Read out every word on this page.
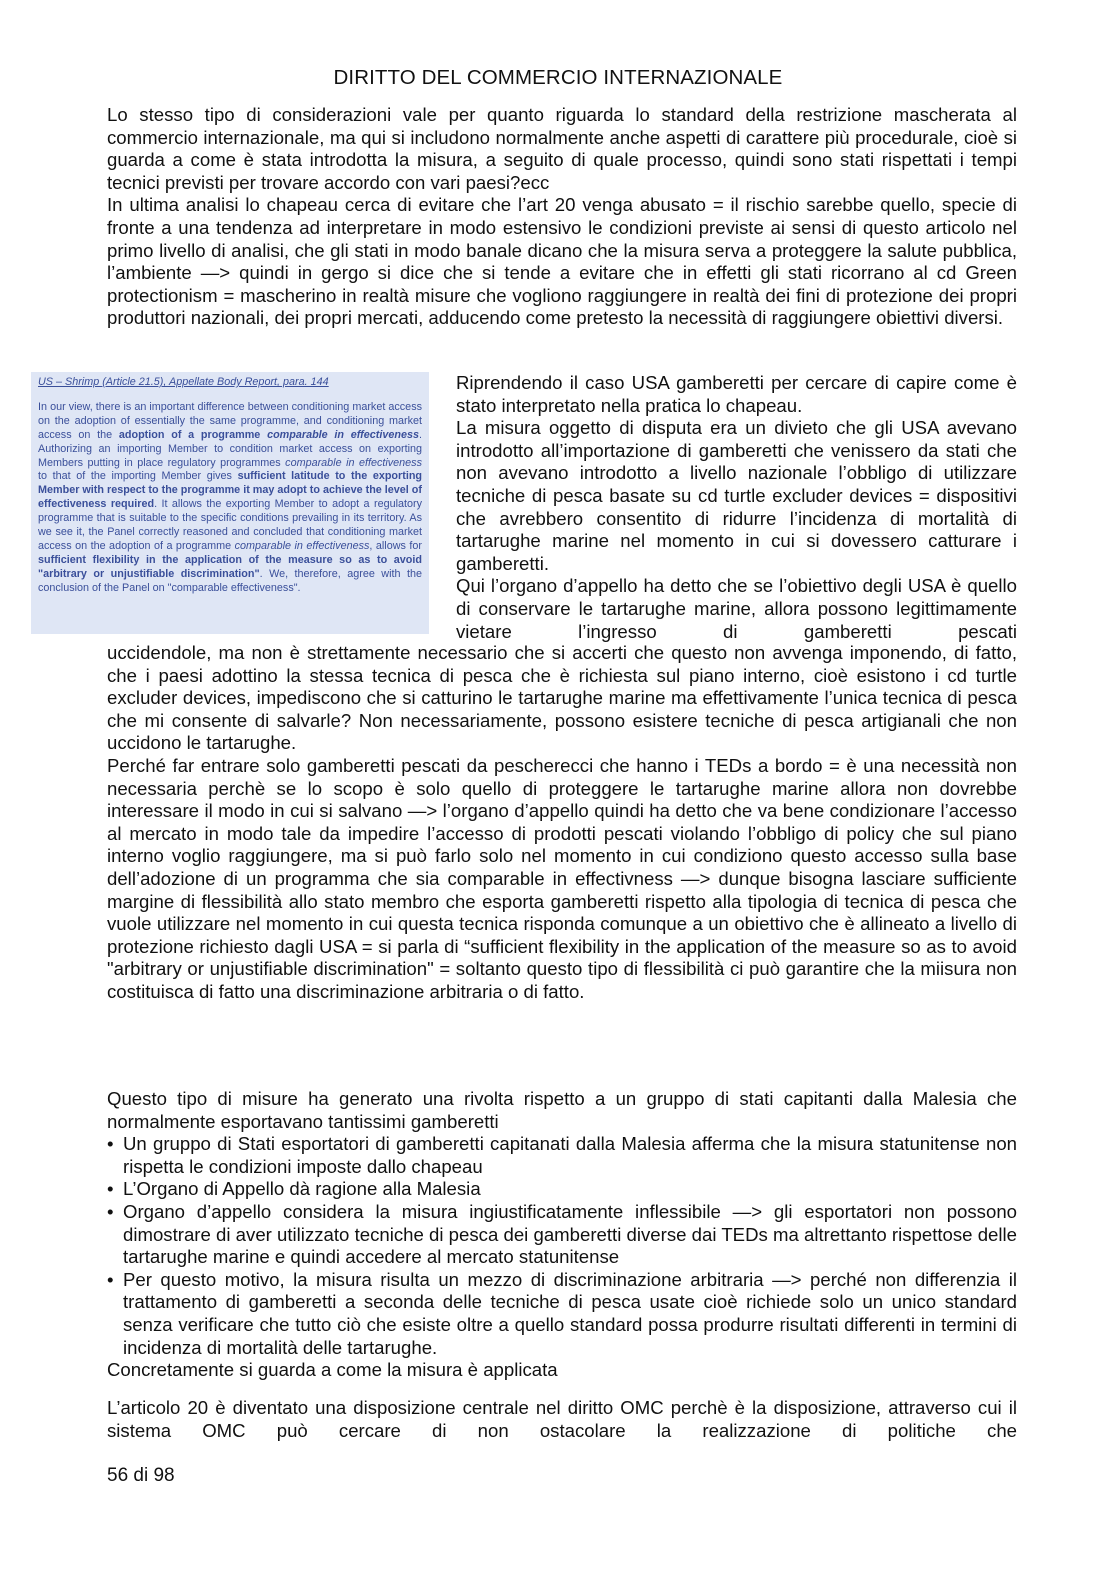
DIRITTO DEL COMMERCIO INTERNAZIONALE

Lo stesso tipo di considerazioni vale per quanto riguarda lo standard della restrizione mascherata al commercio internazionale, ma qui si includono normalmente anche aspetti di carattere più procedurale, cioè si guarda a come è stata introdotta la misura, a seguito di quale processo, quindi sono stati rispettati i tempi tecnici previsti per trovare accordo con vari paesi?ecc

In ultima analisi lo chapeau cerca di evitare che l’art 20 venga abusato = il rischio sarebbe quello, specie di fronte a una tendenza ad interpretare in modo estensivo le condizioni previste ai sensi di questo articolo nel primo livello di analisi, che gli stati in modo banale dicano che la misura serva a proteggere la salute pubblica, l’ambiente —> quindi in gergo si dice che si tende a evitare che in effetti gli stati ricorrano al cd Green protectionism = mascherino in realtà misure che vogliono raggiungere in realtà dei fini di protezione dei propri produttori nazionali, dei propri mercati, adducendo come pretesto la necessità di raggiungere obiettivi diversi.

US – Shrimp (Article 21.5), Appellate Body Report, para. 144
In our view, there is an important difference between conditioning market access on the adoption of essentially the same programme, and conditioning market access on the adoption of a programme comparable in effectiveness. Authorizing an importing Member to condition market access on exporting Members putting in place regulatory programmes comparable in effectiveness to that of the importing Member gives sufficient latitude to the exporting Member with respect to the programme it may adopt to achieve the level of effectiveness required. It allows the exporting Member to adopt a regulatory programme that is suitable to the specific conditions prevailing in its territory. As we see it, the Panel correctly reasoned and concluded that conditioning market access on the adoption of a programme comparable in effectiveness, allows for sufficient flexibility in the application of the measure so as to avoid "arbitrary or unjustifiable discrimination". We, therefore, agree with the conclusion of the Panel on "comparable effectiveness".

Riprendendo il caso USA gamberetti per cercare di capire come è stato interpretato nella pratica lo chapeau.

La misura oggetto di disputa era un divieto che gli USA avevano introdotto all’importazione di gamberetti che venissero da stati che non avevano introdotto a livello nazionale l’obbligo di utilizzare tecniche di pesca basate su cd turtle excluder devices = dispositivi che avrebbero consentito di ridurre l’incidenza di mortalità di tartarughe marine nel momento in cui si dovessero catturare i gamberetti.

Qui l’organo d’appello ha detto che se l’obiettivo degli USA è quello di conservare le tartarughe marine, allora possono legittimamente vietare l’ingresso di gamberetti pescati

uccidendole, ma non è strettamente necessario che si accerti che questo non avvenga imponendo, di fatto, che i paesi adottino la stessa tecnica di pesca che è richiesta sul piano interno, cioè esistono i cd turtle excluder devices, impediscono che si catturino le tartarughe marine ma effettivamente l’unica tecnica di pesca che mi consente di salvarle? Non necessariamente, possono esistere tecniche di pesca artigianali che non uccidono le tartarughe.

Perché far entrare solo gamberetti pescati da pescherecci che hanno i TEDs a bordo = è una necessità non necessaria perchè se lo scopo è solo quello di proteggere le tartarughe marine allora non dovrebbe interessare il modo in cui si salvano —> l’organo d’appello quindi ha detto che va bene condizionare l’accesso al mercato in modo tale da impedire l’accesso di prodotti pescati violando l’obbligo di policy che sul piano interno voglio raggiungere, ma si può farlo solo nel momento in cui condiziono questo accesso sulla base dell’adozione di un programma che sia comparable in effectivness —> dunque bisogna lasciare sufficiente margine di flessibilità allo stato membro che esporta gamberetti rispetto alla tipologia di tecnica di pesca che vuole utilizzare nel momento in cui questa tecnica risponda comunque a un obiettivo che è allineato a livello di protezione richiesto dagli USA = si parla di “sufficient flexibility in the application of the measure so as to avoid "arbitrary or unjustifiable discrimination" = soltanto questo tipo di flessibilità ci può garantire che la miisura non costituisca di fatto una discriminazione arbitraria o di fatto.

Questo tipo di misure ha generato una rivolta rispetto a un gruppo di stati capitanti dalla Malesia che normalmente esportavano tantissimi gamberetti

• Un gruppo di Stati esportatori di gamberetti capitanati dalla Malesia afferma che la misura statunitense non rispetta le condizioni imposte dallo chapeau
• L’Organo di Appello dà ragione alla Malesia
• Organo d’appello considera la misura ingiustificatamente inflessibile —> gli esportatori non possono dimostrare di aver utilizzato tecniche di pesca dei gamberetti diverse dai TEDs ma altrettanto rispettose delle tartarughe marine e quindi accedere al mercato statunitense
• Per questo motivo, la misura risulta un mezzo di discriminazione arbitraria —> perché non differenzia il trattamento di gamberetti a seconda delle tecniche di pesca usate cioè richiede solo un unico standard senza verificare che tutto ciò che esiste oltre a quello standard possa produrre risultati differenti in termini di incidenza di mortalità delle tartarughe.

Concretamente si guarda a come la misura è applicata

L’articolo 20 è diventato una disposizione centrale nel diritto OMC perchè è la disposizione, attraverso cui il sistema OMC può cercare di non ostacolare la realizzazione di politiche che

56 di 98
